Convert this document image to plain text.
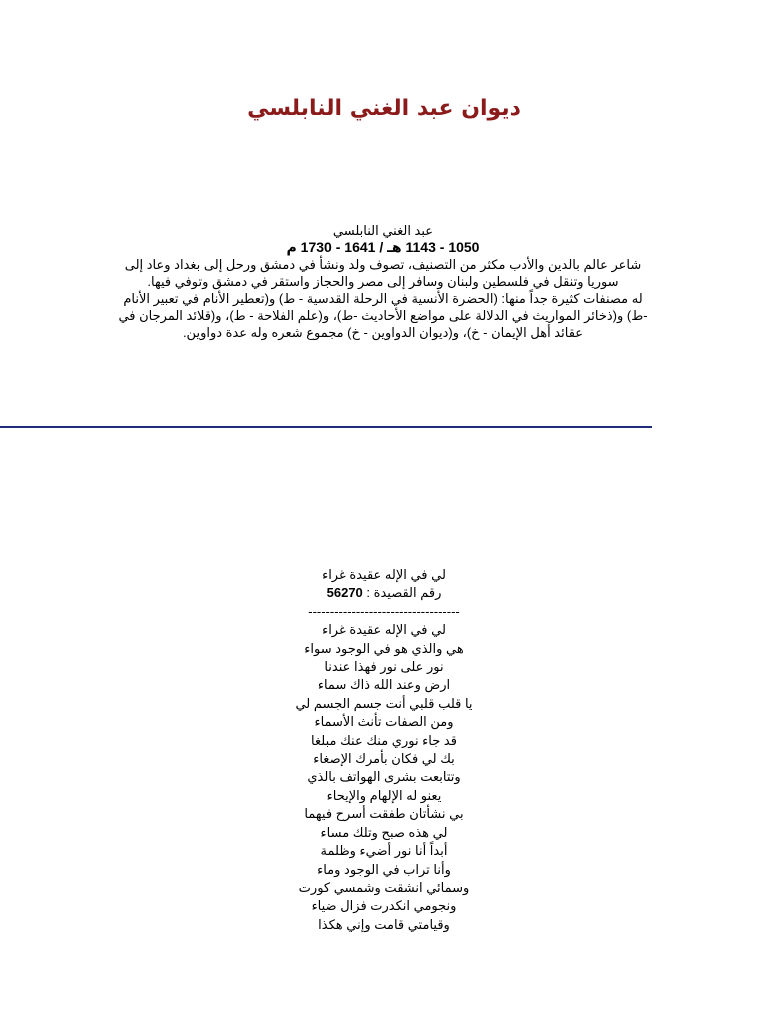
ديوان عبد الغني النابلسي

عبد الغني النابلسي

1050 - 1143 هـ / 1641 - 1730 م

شاعر عالم بالدين والأدب مكثر من التصنيف، تصوف ولد ونشأ في دمشق ورحل إلى بغداد وعاد إلى سوريا وتنقل في فلسطين ولبنان وسافر إلى مصر والحجاز واستقر في دمشق وتوفي فيها.

له مصنفات كثيرة جداً منها: (الحضرة الأنسية في الرحلة القدسية - ط) و(تعطير الأنام في تعبير الأنام -ط) و(ذخائر المواريث في الدلالة على مواضع الأحاديث -ط)، و(علم الفلاحة - ط)، و(قلائد المرجان في عقائد أهل الإيمان - خ)، و(ديوان الدواوين - خ) مجموع شعره وله عدة دواوين.

لي في الإله عقيدة غراء
رقم القصيدة : 56270
-----------------------------------
لي في الإله عقيدة غراء
هي والذي هو في الوجود سواء
نور على نور فهذا عندنا
ارض وعند الله ذاك سماء
يا قلب قلبي أنت جسم الجسم لي
ومن الصفات تأنث الأسماء
قد جاء نوري منك عنك مبلغا
بك لي فكان بأمرك الإصغاء
وتتابعت بشرى الهواتف بالذي
يعنو له الإلهام والإيحاء
بي نشأتان طفقت أسرح فيهما
لي هذه صبح وتلك مساء
أبداً أنا نور أضيء وظلمة
وأنا تراب في الوجود وماء
وسمائي انشقت وشمسي كورت
ونجومي انكدرت فزال ضياء
وقيامتي قامت وإني هكذا
